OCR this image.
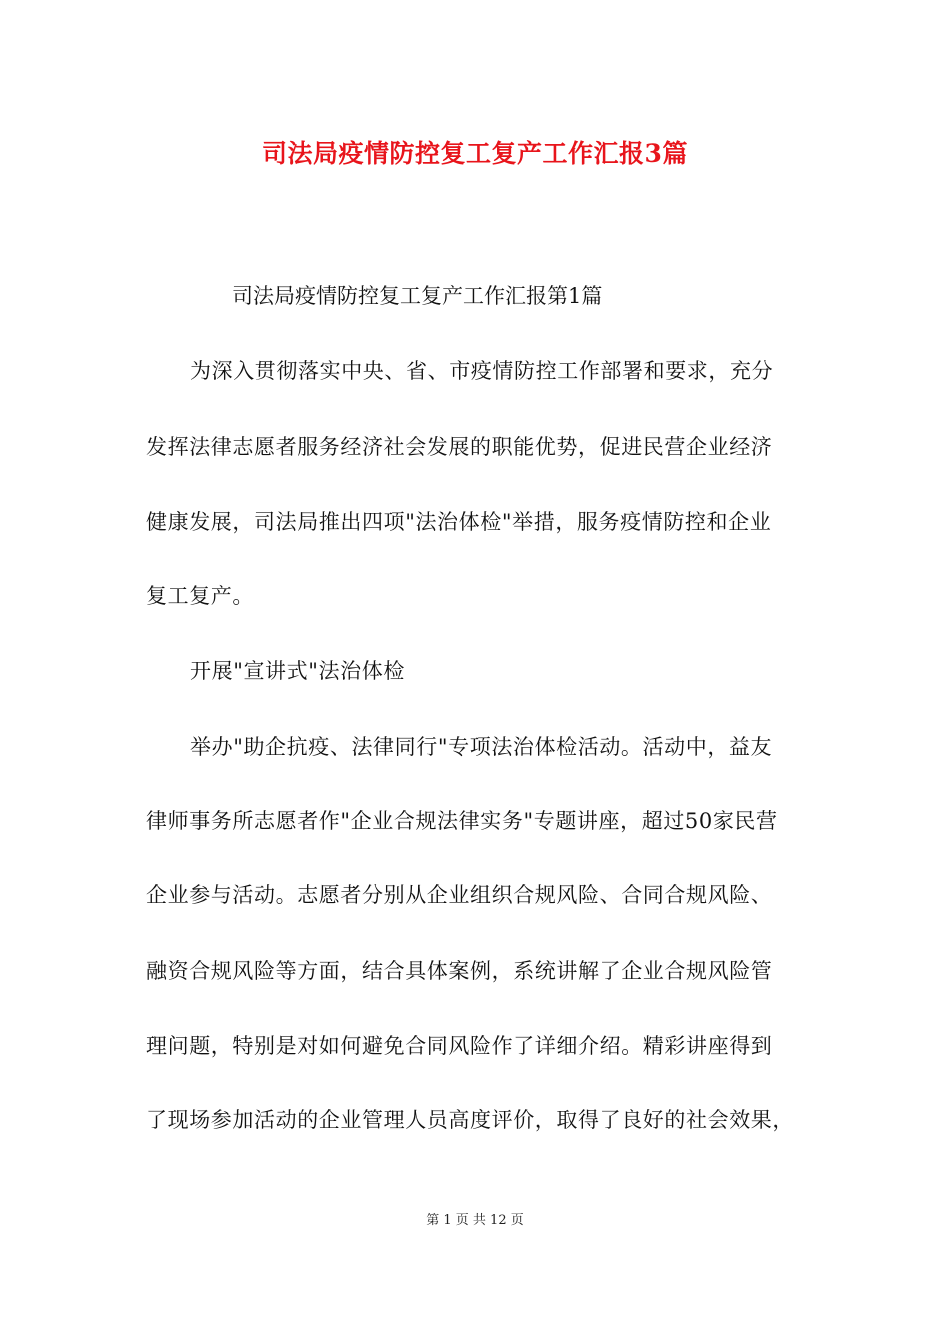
司法局疫情防控复工复产工作汇报3篇
司法局疫情防控复工复产工作汇报第1篇
为深入贯彻落实中央、省、市疫情防控工作部署和要求，充分
发挥法律志愿者服务经济社会发展的职能优势，促进民营企业经济
健康发展，司法局推出四项"法治体检"举措，服务疫情防控和企业
复工复产。
开展"宣讲式"法治体检
举办"助企抗疫、法律同行"专项法治体检活动。活动中，益友
律师事务所志愿者作"企业合规法律实务"专题讲座，超过50家民营
企业参与活动。志愿者分别从企业组织合规风险、合同合规风险、
融资合规风险等方面，结合具体案例，系统讲解了企业合规风险管
理问题，特别是对如何避免合同风险作了详细介绍。精彩讲座得到
了现场参加活动的企业管理人员高度评价，取得了良好的社会效果，
第 1 页 共 12 页
